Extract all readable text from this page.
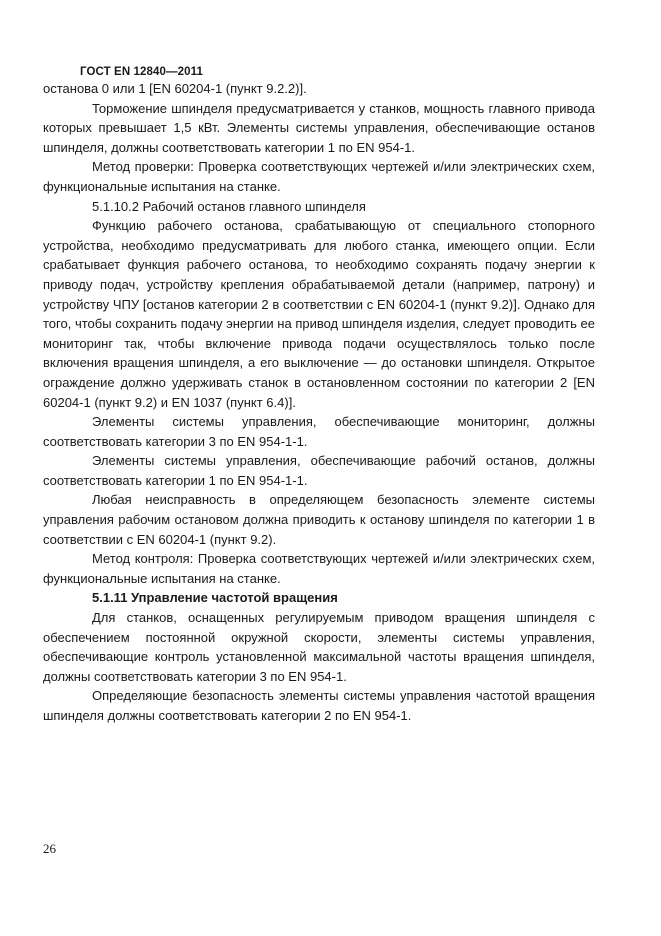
ГОСТ EN 12840—2011

останова 0 или 1 [EN 60204-1 (пункт 9.2.2)].

Торможение шпинделя предусматривается у станков, мощность главного привода которых превышает 1,5 кВт. Элементы системы управления, обеспечивающие останов шпинделя, должны соответствовать категории 1 по EN 954-1.

Метод проверки: Проверка соответствующих чертежей и/или электрических схем, функциональные испытания на станке.

5.1.10.2 Рабочий останов главного шпинделя

Функцию рабочего останова, срабатывающую от специального стопорного устройства, необходимо предусматривать для любого станка, имеющего опции. Если срабатывает функция рабочего останова, то необходимо сохранять подачу энергии к приводу подач, устройству крепления обрабатываемой детали (например, патрону) и устройству ЧПУ [останов категории 2 в соответствии с EN 60204-1 (пункт 9.2)]. Однако для того, чтобы сохранить подачу энергии на привод шпинделя изделия, следует проводить ее мониторинг так, чтобы включение привода подачи осуществлялось только после включения вращения шпинделя, а его выключение — до остановки шпинделя. Открытое ограждение должно удерживать станок в остановленном состоянии по категории 2 [EN 60204-1 (пункт 9.2) и EN 1037 (пункт 6.4)].

Элементы системы управления, обеспечивающие мониторинг, должны соответствовать категории 3 по EN 954-1-1.

Элементы системы управления, обеспечивающие рабочий останов, должны соответствовать категории 1 по EN 954-1-1.

Любая неисправность в определяющем безопасность элементе системы управления рабочим остановом должна приводить к останову шпинделя по категории 1 в соответствии с EN 60204-1 (пункт 9.2).

Метод контроля: Проверка соответствующих чертежей и/или электрических схем, функциональные испытания на станке.

5.1.11 Управление частотой вращения

Для станков, оснащенных регулируемым приводом вращения шпинделя с обеспечением постоянной окружной скорости, элементы системы управления, обеспечивающие контроль установленной максимальной частоты вращения шпинделя, должны соответствовать категории 3 по EN 954-1.

Определяющие безопасность элементы системы управления частотой вращения шпинделя должны соответствовать категории 2 по EN 954-1.

26
